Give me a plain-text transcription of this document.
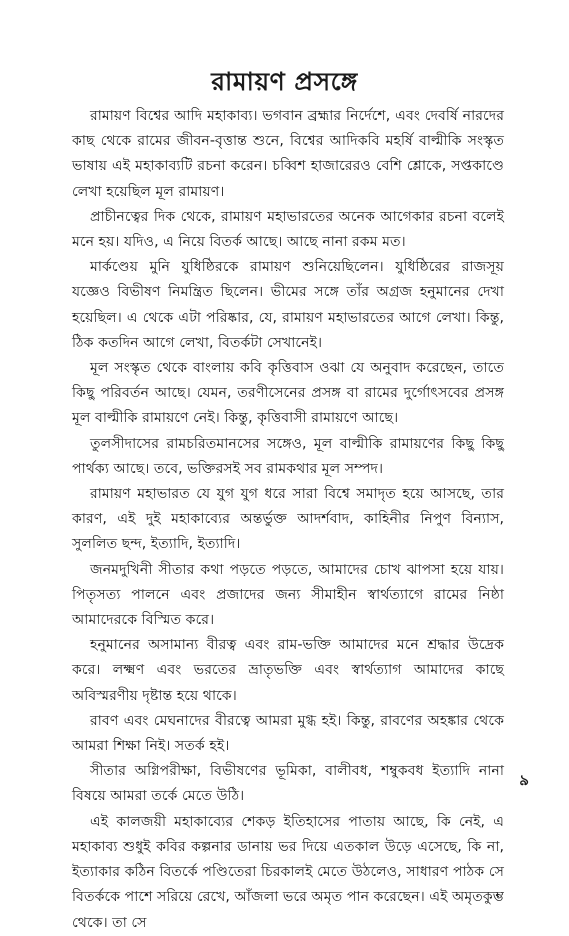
রামায়ণ প্রসঙ্গে

রামায়ণ বিশ্বের আদি মহাকাব্য। ভগবান ব্রহ্মার নির্দেশে, এবং দেবর্ষি নারদের কাছ থেকে রামের জীবন-বৃত্তান্ত শুনে, বিশ্বের আদিকবি মহর্ষি বাল্মীকি সংস্কৃত ভাষায় এই মহাকাব্যটি রচনা করেন। চব্বিশ হাজারেরও বেশি শ্লোকে, সপ্তকাণ্ডে লেখা হয়েছিল মূল রামায়ণ।

প্রাচীনত্বের দিক থেকে, রামায়ণ মহাভারতের অনেক আগেকার রচনা বলেই মনে হয়। যদিও, এ নিয়ে বিতর্ক আছে। আছে নানা রকম মত।

মার্কণ্ডেয় মুনি যুধিষ্ঠিরকে রামায়ণ শুনিয়েছিলেন। যুধিষ্ঠিরের রাজসূয় যজ্ঞেও বিভীষণ নিমন্ত্রিত ছিলেন। ভীমের সঙ্গে তাঁর অগ্রজ হনুমানের দেখা হয়েছিল। এ থেকে এটা পরিষ্কার, যে, রামায়ণ মহাভারতের আগে লেখা। কিন্তু, ঠিক কতদিন আগে লেখা, বিতর্কটা সেখানেই।

মূল সংস্কৃত থেকে বাংলায় কবি কৃত্তিবাস ওঝা যে অনুবাদ করেছেন, তাতে কিছু পরিবর্তন আছে। যেমন, তরণীসেনের প্রসঙ্গ বা রামের দুর্গোৎসবের প্রসঙ্গ মূল বাল্মীকি রামায়ণে নেই। কিন্তু, কৃত্তিবাসী রামায়ণে আছে।

তুলসীদাসের রামচরিতমানসের সঙ্গেও, মূল বাল্মীকি রামায়ণের কিছু কিছু পার্থক্য আছে। তবে, ভক্তিরসই সব রামকথার মূল সম্পদ।

রামায়ণ মহাভারত যে যুগ যুগ ধরে সারা বিশ্বে সমাদৃত হয়ে আসছে, তার কারণ, এই দুই মহাকাব্যের অন্তর্ভুক্ত আদর্শবাদ, কাহিনীর নিপুণ বিন্যাস, সুললিত ছন্দ, ইত্যাদি, ইত্যাদি।

জনমদুখিনী সীতার কথা পড়তে পড়তে, আমাদের চোখ ঝাপসা হয়ে যায়। পিতৃসত্য পালনে এবং প্রজাদের জন্য সীমাহীন স্বার্থত্যাগে রামের নিষ্ঠা আমাদেরকে বিস্মিত করে।

হনুমানের অসামান্য বীরত্ব এবং রাম-ভক্তি আমাদের মনে শ্রদ্ধার উদ্রেক করে। লক্ষ্মণ এবং ভরতের ভ্রাতৃভক্তি এবং স্বার্থত্যাগ আমাদের কাছে অবিস্মরণীয় দৃষ্টান্ত হয়ে থাকে।

রাবণ এবং মেঘনাদের বীরত্বে আমরা মুগ্ধ হই। কিন্তু, রাবণের অহঙ্কার থেকে আমরা শিক্ষা নিই। সতর্ক হই।

সীতার অগ্নিপরীক্ষা, বিভীষণের ভূমিকা, বালীবধ, শম্বুকবধ ইত্যাদি নানা বিষয়ে আমরা তর্কে মেতে উঠি।

এই কালজয়ী মহাকাব্যের শেকড় ইতিহাসের পাতায় আছে, কি নেই, এ মহাকাব্য শুধুই কবির কল্পনার ডানায় ভর দিয়ে এতকাল উড়ে এসেছে, কি না, ইত্যাকার কঠিন বিতর্কে পণ্ডিতেরা চিরকালই মেতে উঠলেও, সাধারণ পাঠক সে বিতর্ককে পাশে সরিয়ে রেখে, আঁজলা ভরে অমৃত পান করেছেন। এই অমৃতকুম্ভ থেকে। তা সে

৯
